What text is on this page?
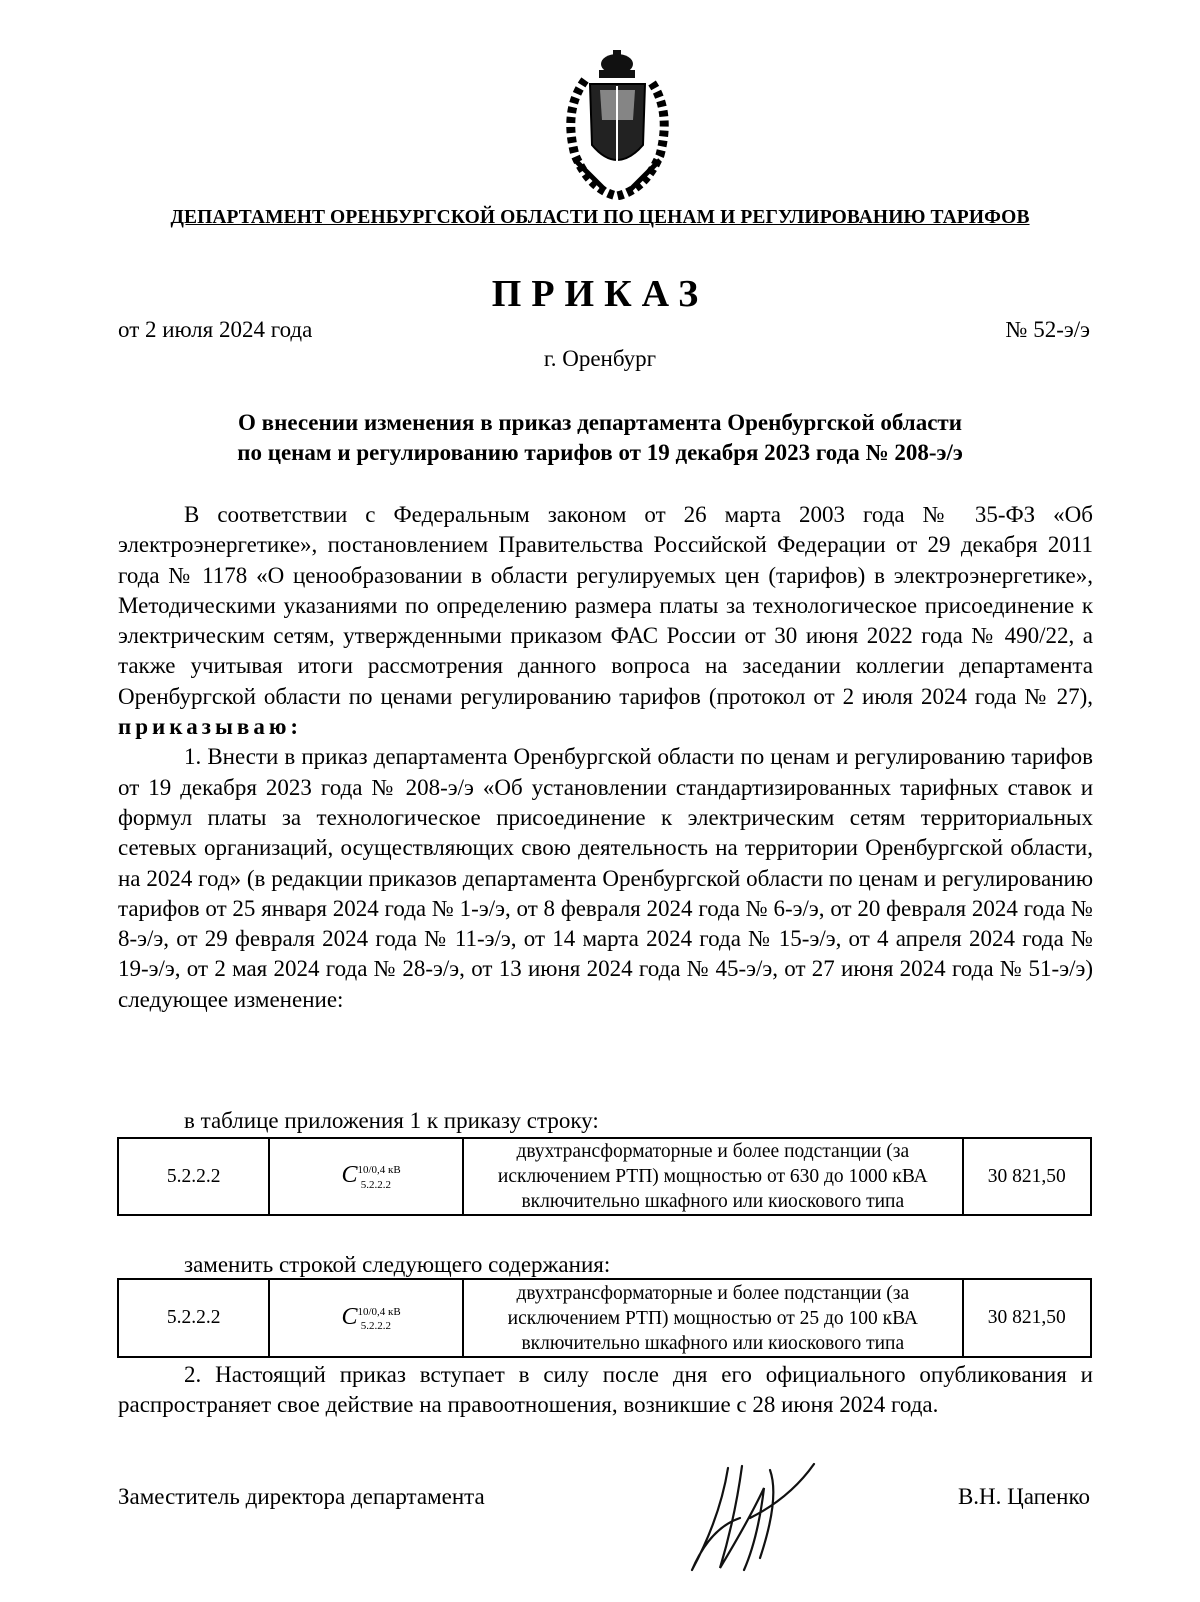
ДЕПАРТАМЕНТ ОРЕНБУРГСКОЙ ОБЛАСТИ ПО ЦЕНАМ И РЕГУЛИРОВАНИЮ ТАРИФОВ
ПРИКАЗ
от 2 июля 2024 года	№ 52-э/э
г. Оренбург
О внесении изменения в приказ департамента Оренбургской области
по ценам и регулированию тарифов от 19 декабря 2023 года № 208-э/э

В соответствии с Федеральным законом от 26 марта 2003 года № 35-ФЗ «Об электроэнергетике», постановлением Правительства Российской Федерации от 29 декабря 2011 года № 1178 «О ценообразовании в области регулируемых цен (тарифов) в электроэнергетике», Методическими указаниями по определению размера платы за технологическое присоединение к электрическим сетям, утвержденными приказом ФАС России от 30 июня 2022 года № 490/22, а также учитывая итоги рассмотрения данного вопроса на заседании коллегии департамента Оренбургской области по ценами регулированию тарифов (протокол от 2 июля 2024 года № 27), приказываю:

1. Внести в приказ департамента Оренбургской области по ценам и регулированию тарифов от 19 декабря 2023 года № 208-э/э «Об установлении стандартизированных тарифных ставок и формул платы за технологическое присоединение к электрическим сетям территориальных сетевых организаций, осуществляющих свою деятельность на территории Оренбургской области, на 2024 год» (в редакции приказов департамента Оренбургской области по ценам и регулированию тарифов от 25 января 2024 года № 1-э/э, от 8 февраля 2024 года № 6-э/э, от 20 февраля 2024 года № 8-э/э, от 29 февраля 2024 года № 11-э/э, от 14 марта 2024 года № 15-э/э, от 4 апреля 2024 года № 19-э/э, от 2 мая 2024 года № 28-э/э, от 13 июня 2024 года № 45-э/э, от 27 июня 2024 года № 51-э/э) следующее изменение:

в таблице приложения 1 к приказу строку:
5.2.2.2	$C^{10/0,4 кВ}_{5.2.2.2}$	двухтрансформаторные и более подстанции (за исключением РТП) мощностью от 630 до 1000 кВА включительно шкафного или киоскового типа	30 821,50
заменить строкой следующего содержания:
5.2.2.2	$C^{10/0,4 кВ}_{5.2.2.2}$	двухтрансформаторные и более подстанции (за исключением РТП) мощностью от 25 до 100 кВА включительно шкафного или киоскового типа	30 821,50

2. Настоящий приказ вступает в силу после дня его официального опубликования и распространяет свое действие на правоотношения, возникшие с 28 июня 2024 года.

Заместитель директора департамента	В.Н. Цапенко
